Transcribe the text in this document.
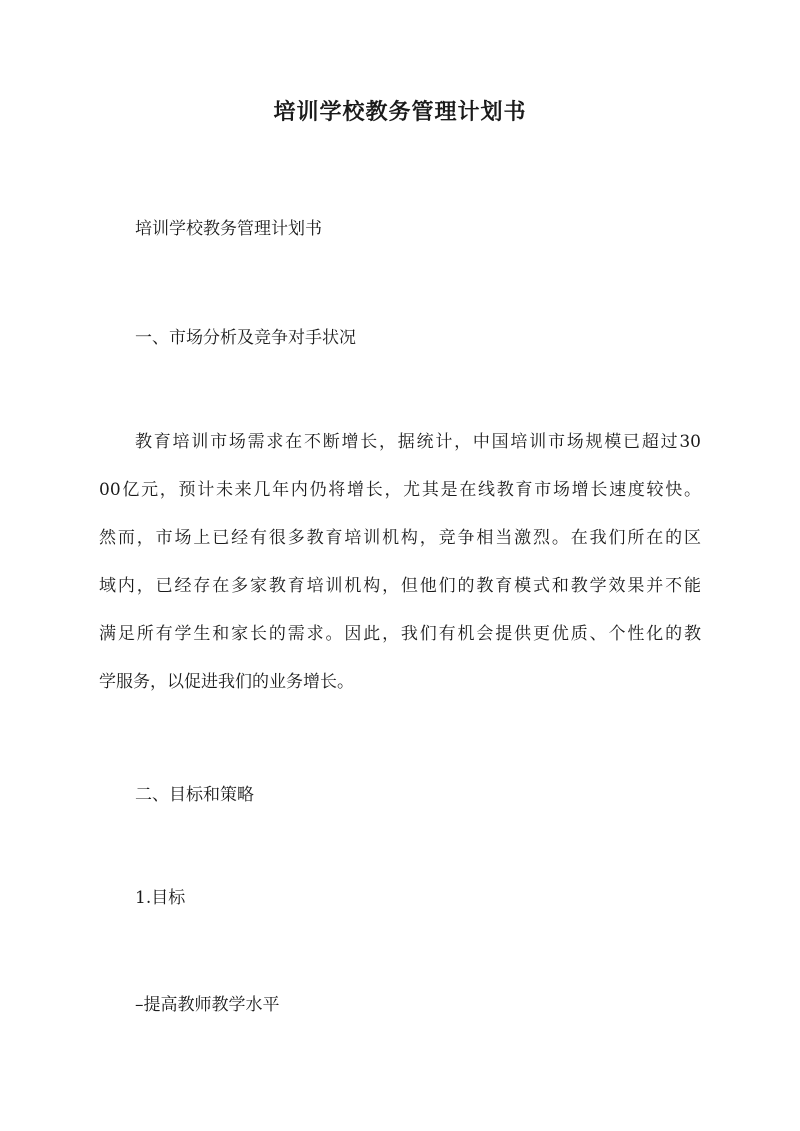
培训学校教务管理计划书

培训学校教务管理计划书

一、市场分析及竞争对手状况

教育培训市场需求在不断增长，据统计，中国培训市场规模已超过30
00亿元，预计未来几年内仍将增长，尤其是在线教育市场增长速度较快。
然而，市场上已经有很多教育培训机构，竞争相当激烈。在我们所在的区
域内，已经存在多家教育培训机构，但他们的教育模式和教学效果并不能
满足所有学生和家长的需求。因此，我们有机会提供更优质、个性化的教
学服务，以促进我们的业务增长。

二、目标和策略

1.目标

–提高教师教学水平
